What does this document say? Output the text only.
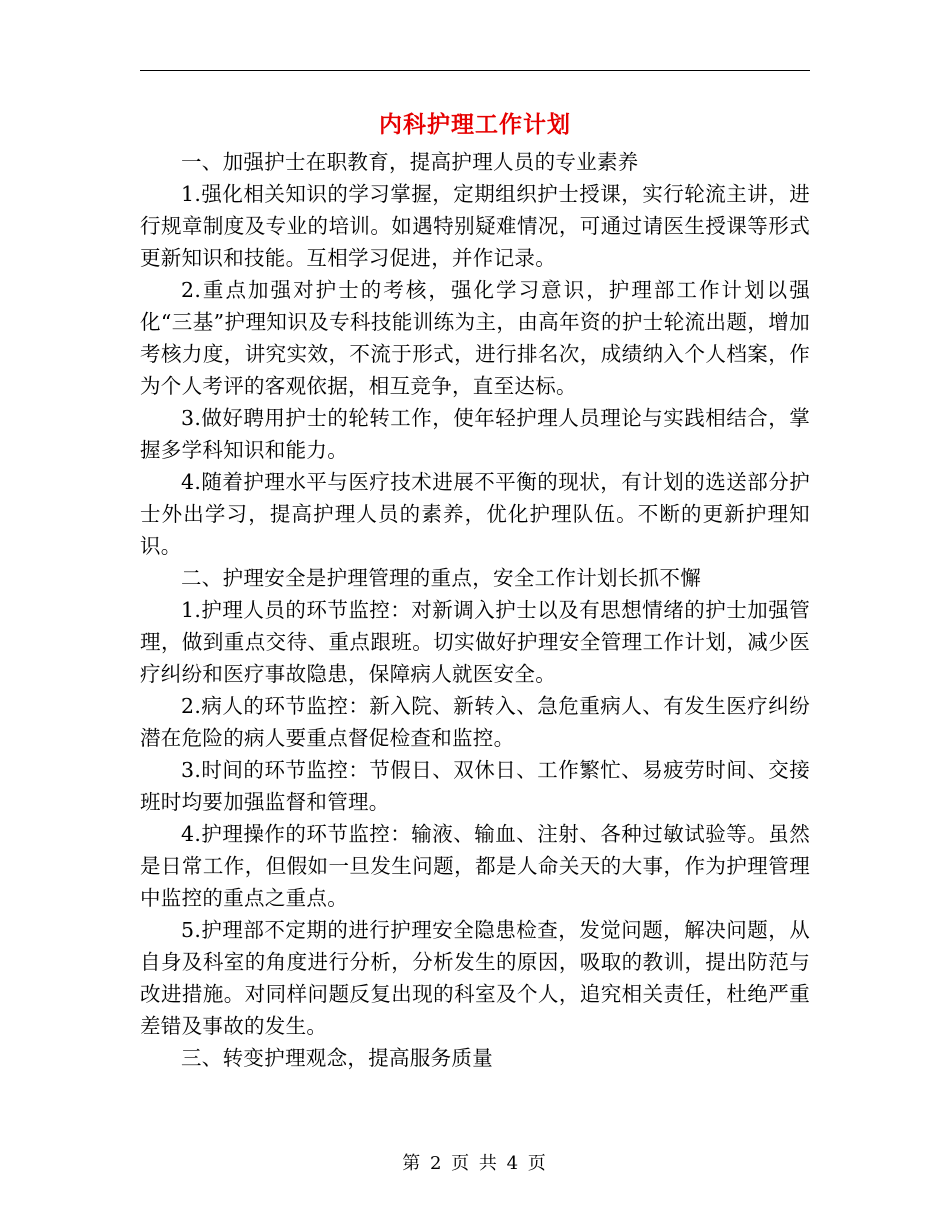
内科护理工作计划

一、加强护士在职教育，提高护理人员的专业素养

1.强化相关知识的学习掌握，定期组织护士授课，实行轮流主讲，进行规章制度及专业的培训。如遇特别疑难情况，可通过请医生授课等形式更新知识和技能。互相学习促进，并作记录。

2.重点加强对护士的考核，强化学习意识，护理部工作计划以强化“三基”护理知识及专科技能训练为主，由高年资的护士轮流出题，增加考核力度，讲究实效，不流于形式，进行排名次，成绩纳入个人档案，作为个人考评的客观依据，相互竞争，直至达标。

3.做好聘用护士的轮转工作，使年轻护理人员理论与实践相结合，掌握多学科知识和能力。

4.随着护理水平与医疗技术进展不平衡的现状，有计划的选送部分护士外出学习，提高护理人员的素养，优化护理队伍。不断的更新护理知识。

二、护理安全是护理管理的重点，安全工作计划长抓不懈

1.护理人员的环节监控：对新调入护士以及有思想情绪的护士加强管理，做到重点交待、重点跟班。切实做好护理安全管理工作计划，减少医疗纠纷和医疗事故隐患，保障病人就医安全。

2.病人的环节监控：新入院、新转入、急危重病人、有发生医疗纠纷潜在危险的病人要重点督促检查和监控。

3.时间的环节监控：节假日、双休日、工作繁忙、易疲劳时间、交接班时均要加强监督和管理。

4.护理操作的环节监控：输液、输血、注射、各种过敏试验等。虽然是日常工作，但假如一旦发生问题，都是人命关天的大事，作为护理管理中监控的重点之重点。

5.护理部不定期的进行护理安全隐患检查，发觉问题，解决问题，从自身及科室的角度进行分析，分析发生的原因，吸取的教训，提出防范与改进措施。对同样问题反复出现的科室及个人，追究相关责任，杜绝严重差错及事故的发生。

三、转变护理观念，提高服务质量

第 2 页 共 4 页
